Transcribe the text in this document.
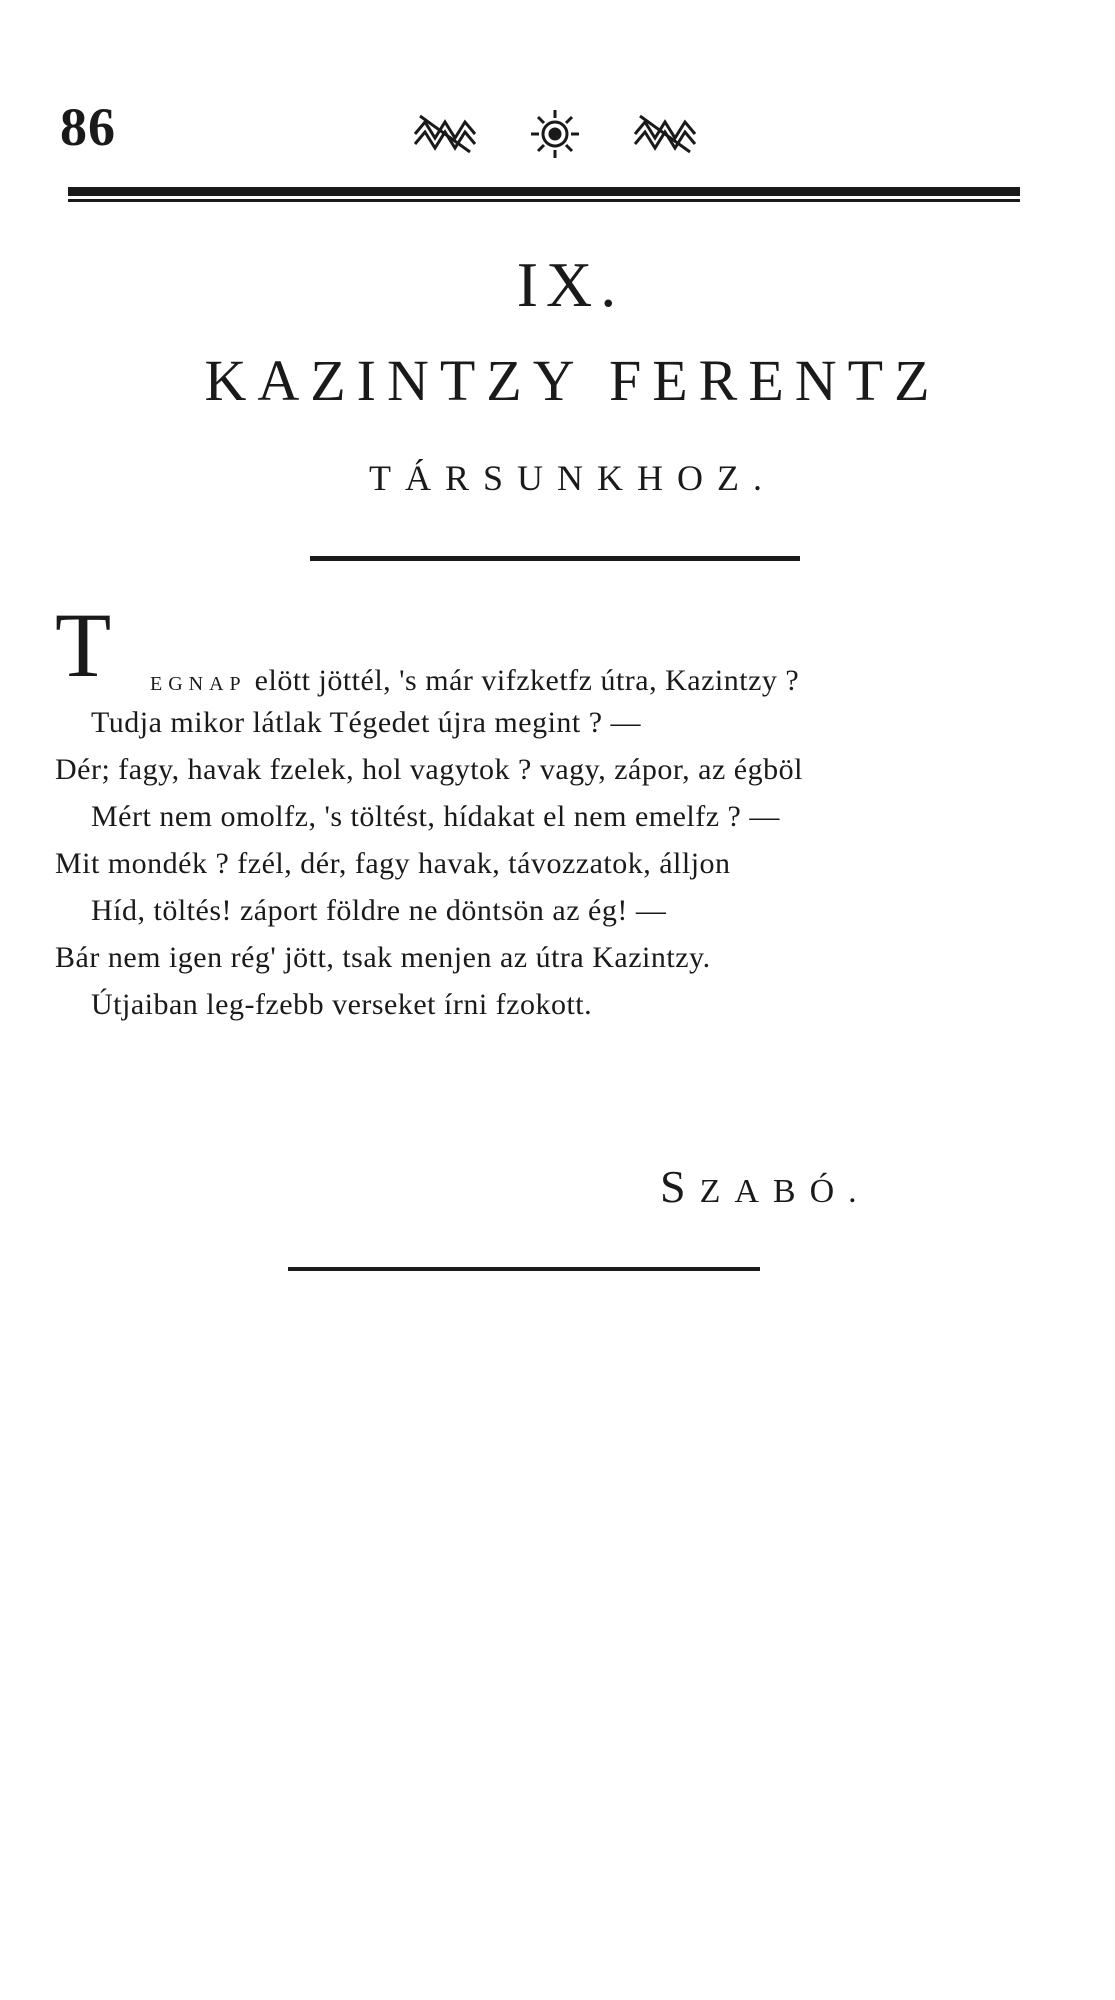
86
IX.
KAZINTZY FERENTZ
TÁRSUNKHOZ.
T EGNAP elött jöttél, 's már vifzketfz útra, Kazintzy ?
Tudja mikor látlak Tégedet újra megint ? —
Dér; fagy, havak fzelek, hol vagytok ? vagy, zápor, az égböl
Mért nem omolfz, 's töltést, hídakat el nem emelfz ? —
Mit mondék ? fzél, dér, fagy havak, távozzatok, álljon
Híd, töltés! záport földre ne döntsön az ég! —
Bár nem igen rég' jött, tsak menjen az útra Kazintzy.
Útjaiban leg-fzebb verseket írni fzokott.
SZABÓ.
